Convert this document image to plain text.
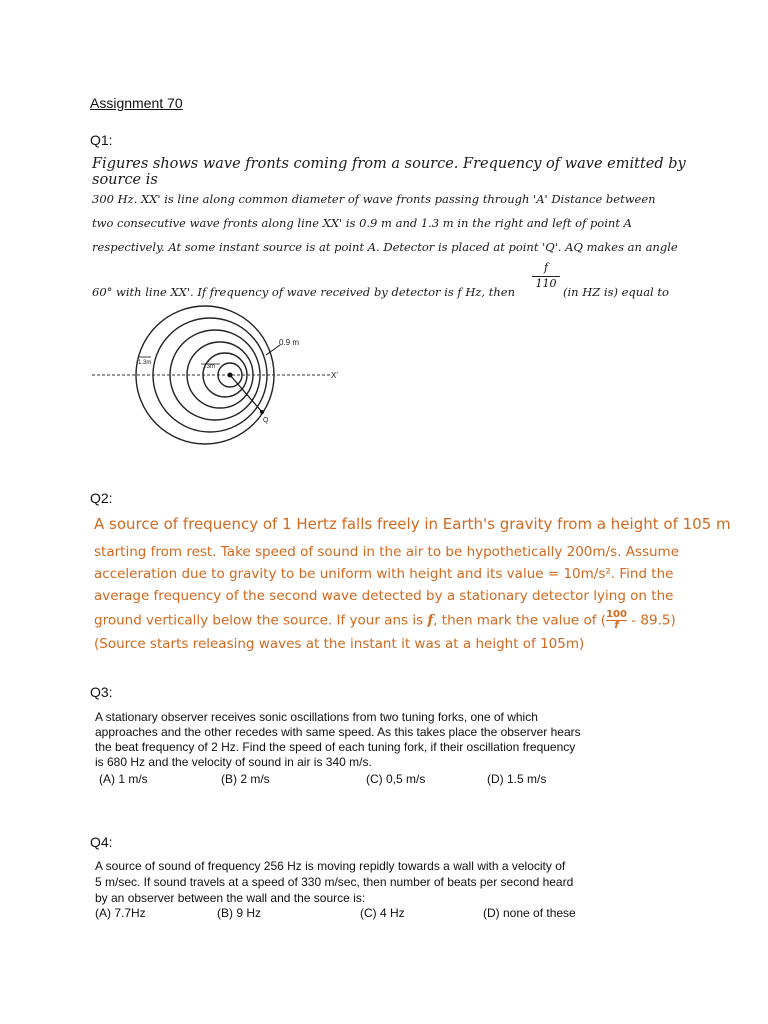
Assignment 70
Q1:
Figures shows wave fronts coming from a source. Frequency of wave emitted by source is
300 Hz. XX' is line along common diameter of wave fronts passing through 'A' Distance between
two consecutive wave fronts along line XX' is 0.9 m and 1.3 m in the right and left of point A
respectively. At some instant source is at point A. Detector is placed at point 'Q'. AQ makes an angle
60° with line XX'. If frequency of wave received by detector is f Hz, then
$\frac{f}{110}$
(in HZ is) equal to
0.9 m
1.3m
.3m
X'
Q
Q2:
A source of frequency of 1 Hertz falls freely in Earth's gravity from a height of 105 m
starting from rest. Take speed of sound in the air to be hypothetically 200m/s. Assume
acceleration due to gravity to be uniform with height and its value = 10m/s². Find the
average frequency of the second wave detected by a stationary detector lying on the
ground vertically below the source. If your ans is f, then mark the value of ( $\frac{100}{f} - 89.5$)
(Source starts releasing waves at the instant it was at a height of 105m)
Q3:
A stationary observer receives sonic oscillations from two tuning forks, one of which
approaches and the other recedes with same speed. As this takes place the observer hears
the beat frequency of 2 Hz. Find the speed of each tuning fork, if their oscillation frequency
is 680 Hz and the velocity of sound in air is 340 m/s.
(A) 1 m/s	(B) 2 m/s	(C) 0,5 m/s	(D) 1.5 m/s
Q4:
A source of sound of frequency 256 Hz is moving repidly towards a wall with a velocity of
5 m/sec. If sound travels at a speed of 330 m/sec, then number of beats per second heard
by an observer between the wall and the source is:
(A) 7.7Hz	(B) 9 Hz	(C) 4 Hz	(D) none of these
